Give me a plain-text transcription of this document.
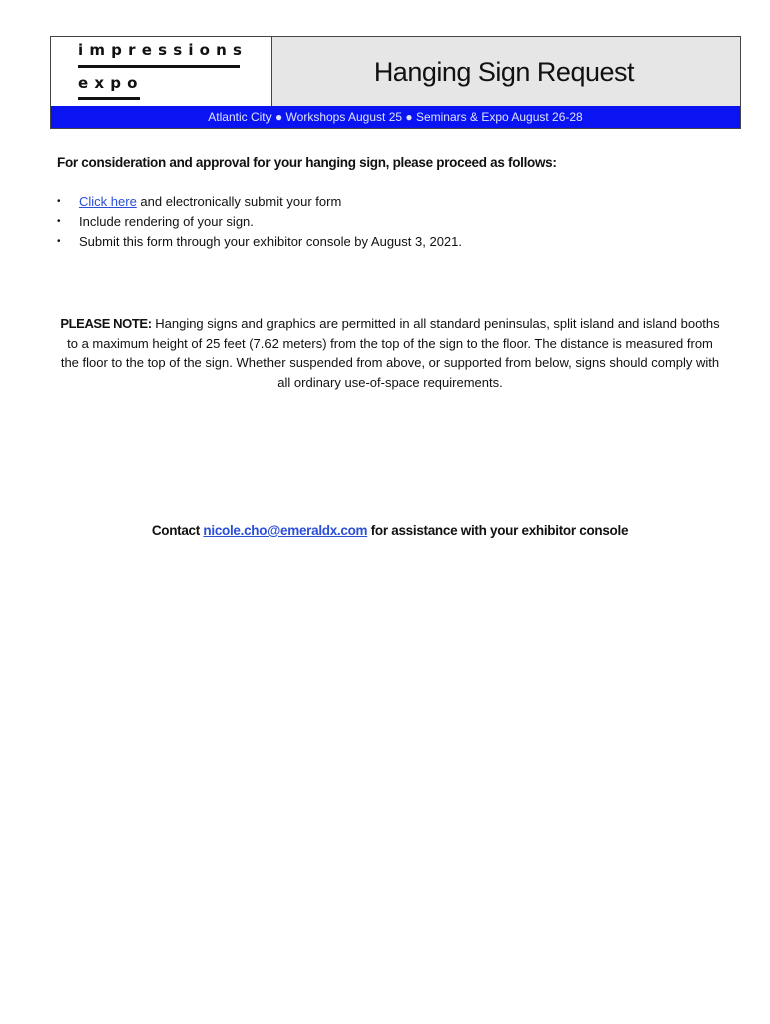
impressions
expo	Hanging Sign Request
Atlantic City ● Workshops August 25 ● Seminars & Expo August 26-28
For consideration and approval for your hanging sign, please proceed as follows:
• Click here and electronically submit your form
• Include rendering of your sign.
• Submit this form through your exhibitor console by August 3, 2021.
PLEASE NOTE: Hanging signs and graphics are permitted in all standard peninsulas, split island and island booths to a maximum height of 25 feet (7.62 meters) from the top of the sign to the floor. The distance is measured from the floor to the top of the sign. Whether suspended from above, or supported from below, signs should comply with all ordinary use-of-space requirements.
Contact nicole.cho@emeraldx.com for assistance with your exhibitor console
